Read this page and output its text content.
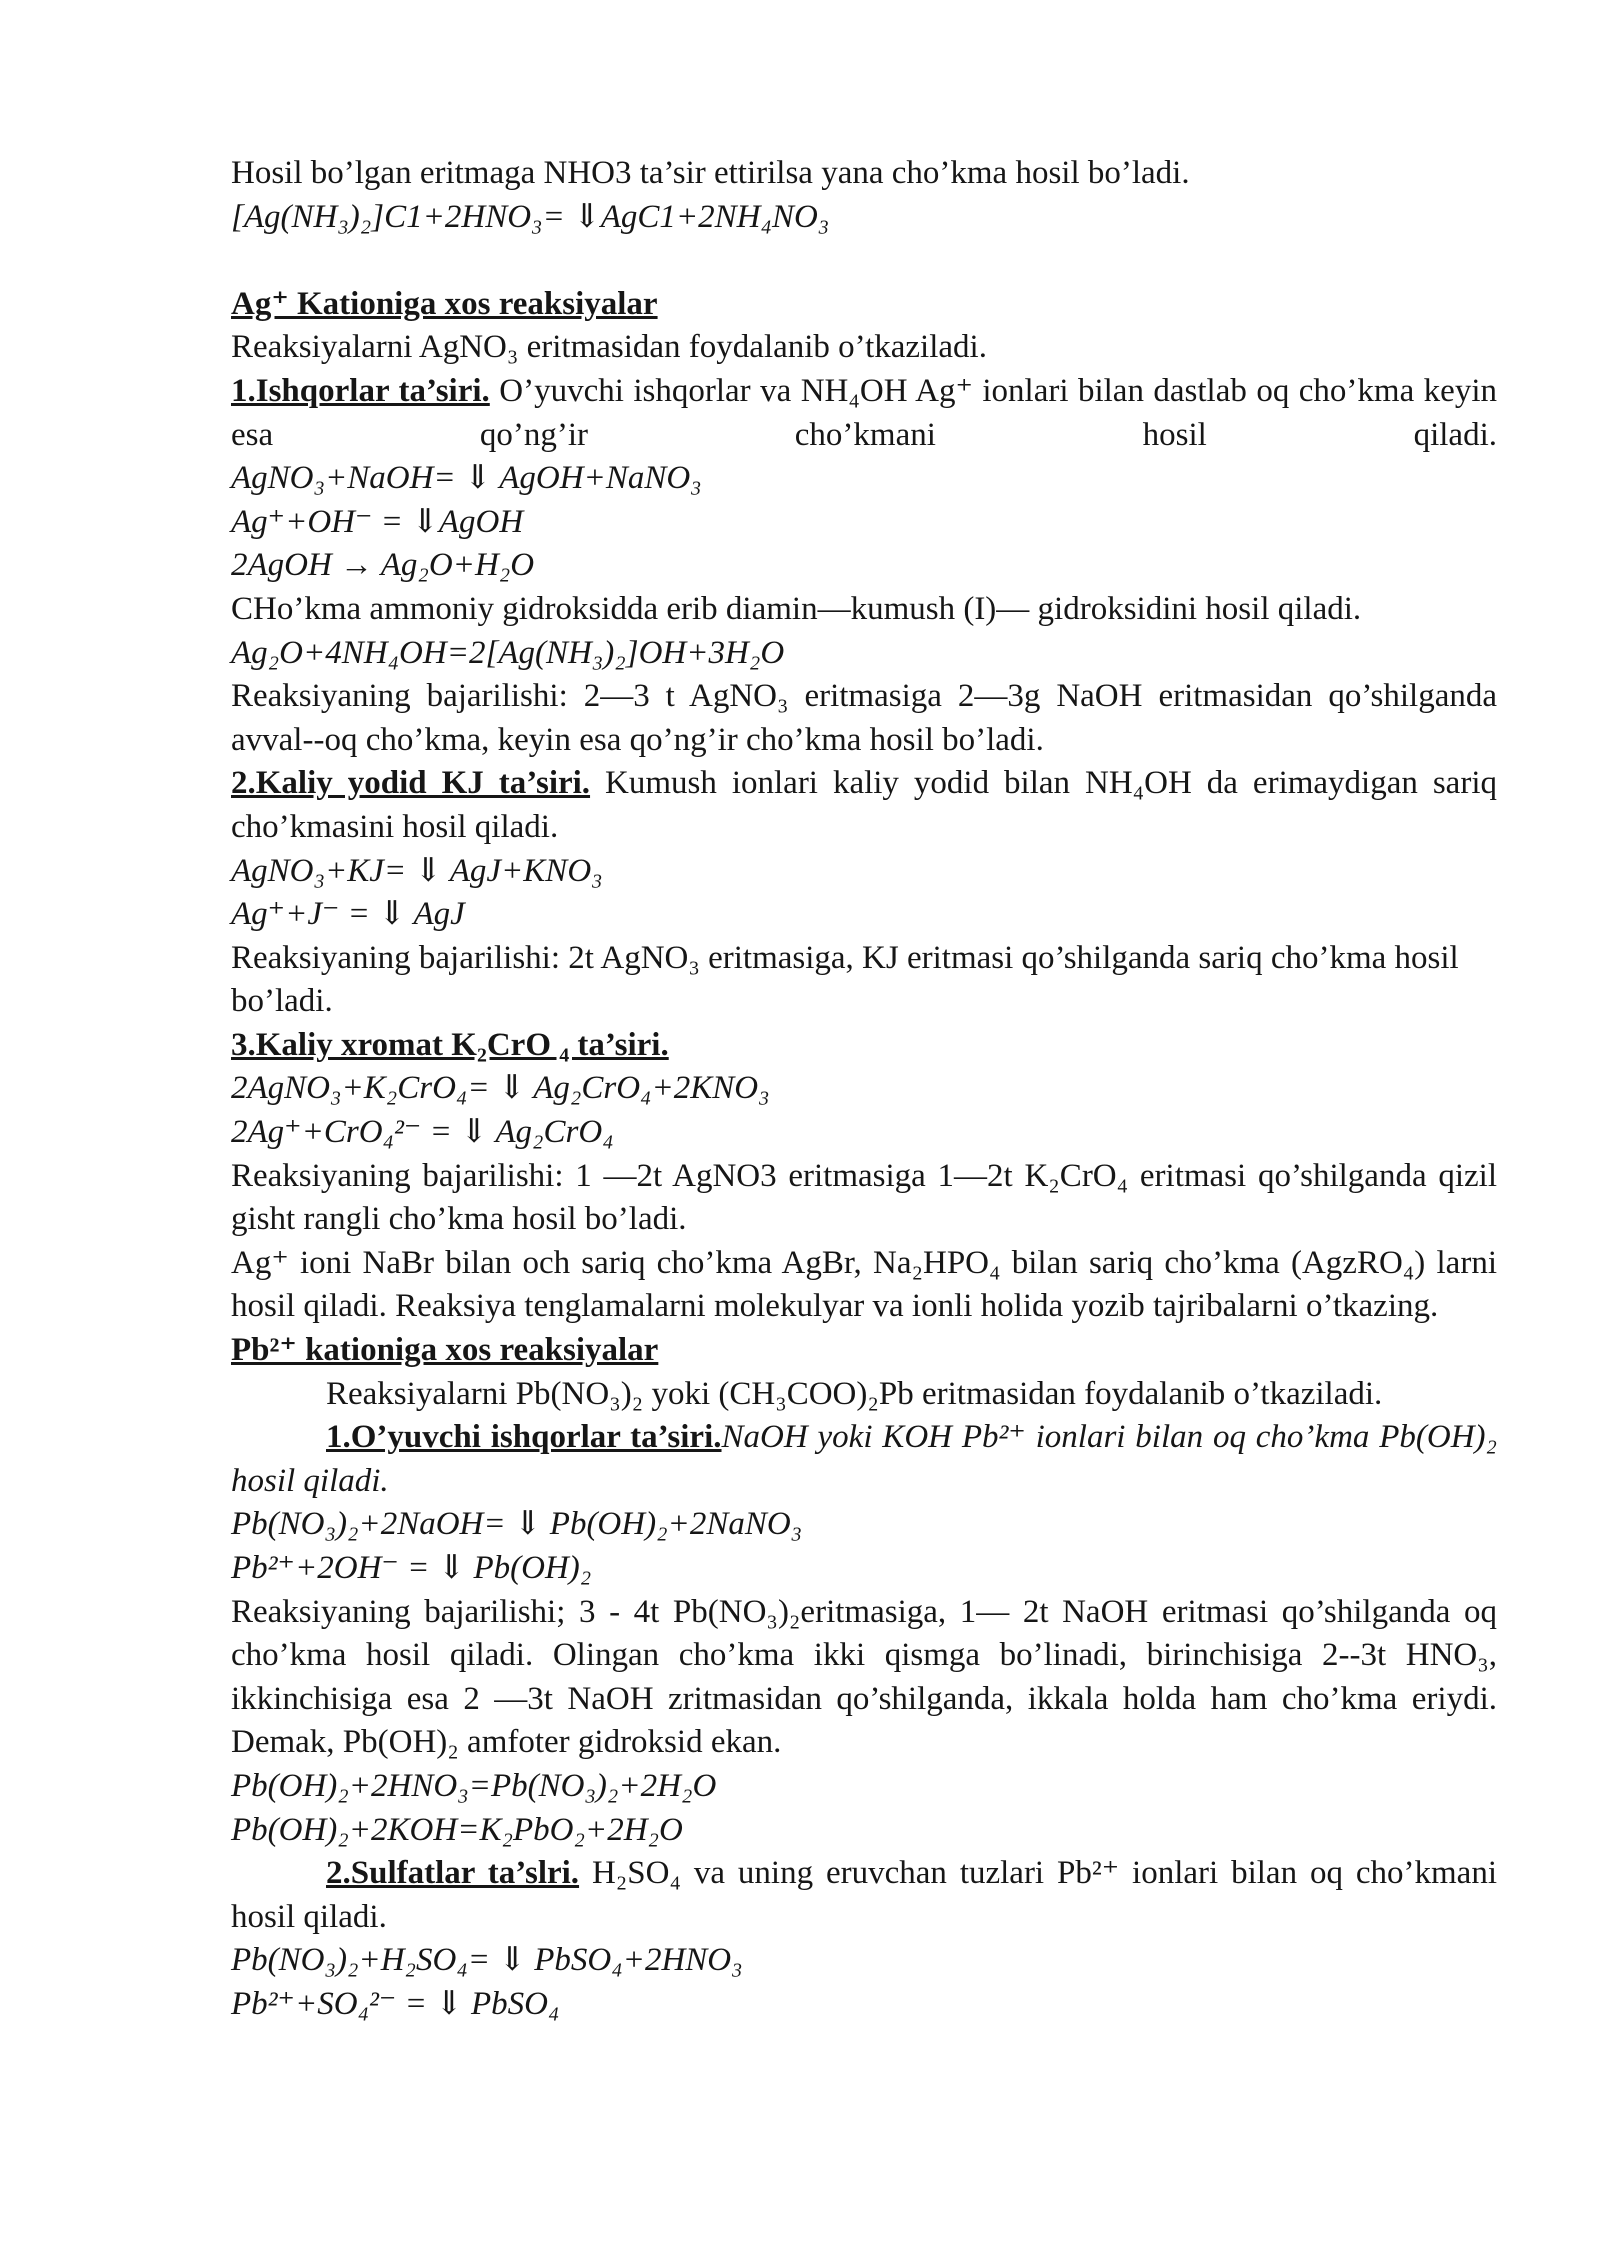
Hosil bo’lgan eritmaga NHO3 ta’sir ettirilsa yana cho’kma hosil bo’ladi.
[Ag(NH₃)₂]C1+2HNO₃= ⇓AgC1+2NH₄NO₃
Ag⁺ Kationiga xos reaksiyalar
Reaksiyalarni AgNO₃ eritmasidan foydalanib o’tkaziladi.
1.Ishqorlar ta’siri. O’yuvchi ishqorlar va NH₄OH Ag⁺ ionlari bilan dastlab oq cho’kma keyin esa qo’ng’ir cho’kmani hosil qiladi.
AgNO₃+NaOH= ⇓ AgOH+NaNO₃
Ag⁺+OH⁻ = ⇓AgOH
2AgOH → Ag₂O+H₂O
CHo’kma ammoniy gidroksidda erib diamin—kumush (I)— gidroksidini hosil qiladi.
Ag₂O+4NH₄OH=2[Ag(NH₃)₂]OH+3H₂O
Reaksiyaning bajarilishi: 2—3 t AgNO₃ eritmasiga 2—3g NaOH eritmasidan qo’shilganda avval--oq cho’kma, keyin esa qo’ng’ir cho’kma hosil bo’ladi.
2.Kaliy yodid KJ ta’siri. Kumush ionlari kaliy yodid bilan NH₄OH da erimaydigan sariq cho’kmasini hosil qiladi.
AgNO₃+KJ= ⇓ AgJ+KNO₃
Ag⁺+J⁻ = ⇓ AgJ
Reaksiyaning bajarilishi: 2t AgNO₃ eritmasiga, KJ eritmasi qo’shilganda sariq cho’kma hosil bo’ladi.
3.Kaliy xromat K₂CrO ₄ ta’siri.
2AgNO₃+K₂CrO₄= ⇓ Ag₂CrO₄+2KNO₃
2Ag⁺+CrO₄²⁻ = ⇓ Ag₂CrO₄
Reaksiyaning bajarilishi: 1 —2t AgNO3 eritmasiga 1—2t K₂CrO₄ eritmasi qo’shilganda qizil gisht rangli cho’kma hosil bo’ladi.
Ag⁺ ioni NaBr bilan och sariq cho’kma AgBr, Na₂HPO₄ bilan sariq cho’kma (AgzRO₄) larni hosil qiladi. Reaksiya tenglamalarni molekulyar va ionli holida yozib tajribalarni o’tkazing.
Pb²⁺ kationiga xos reaksiyalar
Reaksiyalarni Pb(NO₃)₂ yoki (CH₃COO)₂Pb eritmasidan foydalanib o’tkaziladi.
1.O’yuvchi ishqorlar ta’siri.NaOH yoki KOH Pb²⁺ ionlari bilan oq cho’kma Pb(OH)₂ hosil qiladi.
Pb(NO₃)₂+2NaOH= ⇓ Pb(OH)₂+2NaNO₃
Pb²⁺+2OH⁻ = ⇓ Pb(OH)₂
Reaksiyaning bajarilishi; 3 - 4t Pb(NO₃)₂eritmasiga, 1— 2t NaOH eritmasi qo’shilganda oq cho’kma hosil qiladi. Olingan cho’kma ikki qismga bo’linadi, birinchisiga 2--3t HNO₃, ikkinchisiga esa 2 —3t NaOH zritmasidan qo’shilganda, ikkala holda ham cho’kma eriydi. Demak, Pb(OH)₂ amfoter gidroksid ekan.
Pb(OH)₂+2HNO₃=Pb(NO₃)₂+2H₂O
Pb(OH)₂+2KOH=K₂PbO₂+2H₂O
2.Sulfatlar ta’slri. H₂SO₄ va uning eruvchan tuzlari Pb²⁺ ionlari bilan oq cho’kmani hosil qiladi.
Pb(NO₃)₂+H₂SO₄= ⇓ PbSO₄+2HNO₃
Pb²⁺+SO₄²⁻ = ⇓ PbSO₄
